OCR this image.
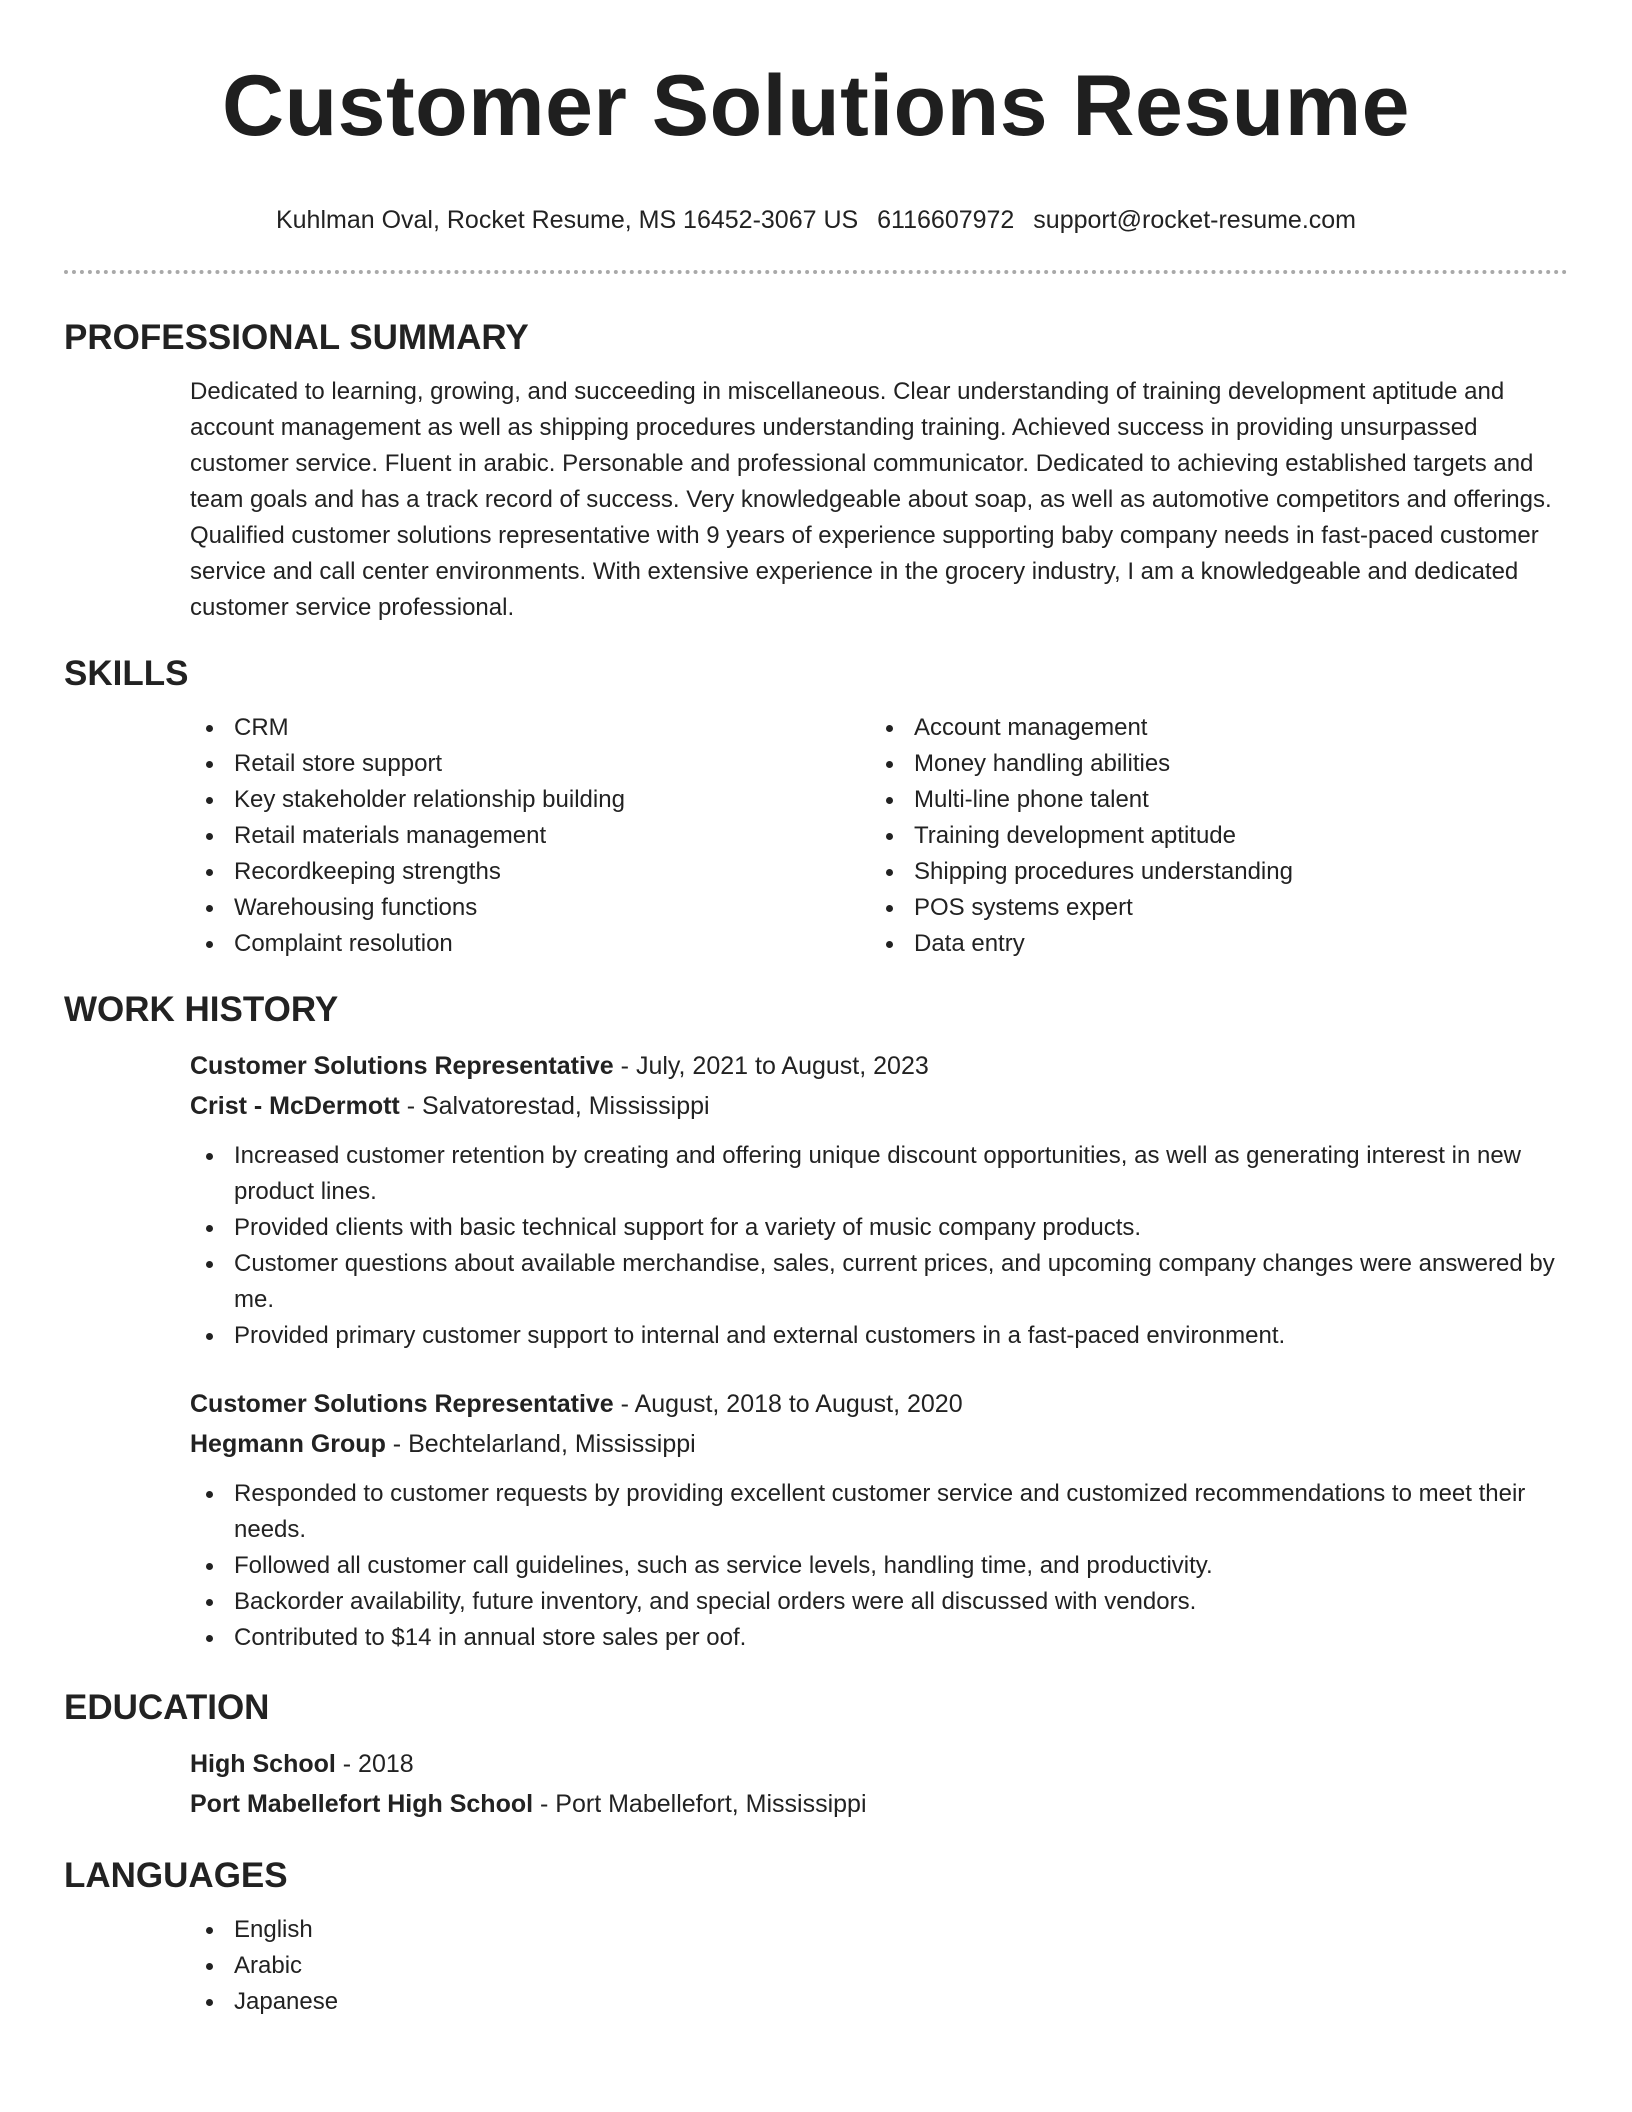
Customer Solutions Resume
Kuhlman Oval, Rocket Resume, MS 16452-3067 US 6116607972 support@rocket-resume.com
PROFESSIONAL SUMMARY

Dedicated to learning, growing, and succeeding in miscellaneous. Clear understanding of training development aptitude and account management as well as shipping procedures understanding training. Achieved success in providing unsurpassed customer service. Fluent in arabic. Personable and professional communicator. Dedicated to achieving established targets and team goals and has a track record of success. Very knowledgeable about soap, as well as automotive competitors and offerings. Qualified customer solutions representative with 9 years of experience supporting baby company needs in fast-paced customer service and call center environments. With extensive experience in the grocery industry, I am a knowledgeable and dedicated customer service professional.

SKILLS
CRM
Retail store support
Key stakeholder relationship building
Retail materials management
Recordkeeping strengths
Warehousing functions
Complaint resolution
Account management
Money handling abilities
Multi-line phone talent
Training development aptitude
Shipping procedures understanding
POS systems expert
Data entry
WORK HISTORY
Customer Solutions Representative - July, 2021 to August, 2023
Crist - McDermott - Salvatorestad, Mississippi
Increased customer retention by creating and offering unique discount opportunities, as well as generating interest in new product lines.
Provided clients with basic technical support for a variety of music company products.
Customer questions about available merchandise, sales, current prices, and upcoming company changes were answered by me.
Provided primary customer support to internal and external customers in a fast-paced environment.
Customer Solutions Representative - August, 2018 to August, 2020
Hegmann Group - Bechtelarland, Mississippi
Responded to customer requests by providing excellent customer service and customized recommendations to meet their needs.
Followed all customer call guidelines, such as service levels, handling time, and productivity.
Backorder availability, future inventory, and special orders were all discussed with vendors.
Contributed to $14 in annual store sales per oof.
EDUCATION
High School - 2018
Port Mabellefort High School - Port Mabellefort, Mississippi
LANGUAGES
English
Arabic
Japanese
